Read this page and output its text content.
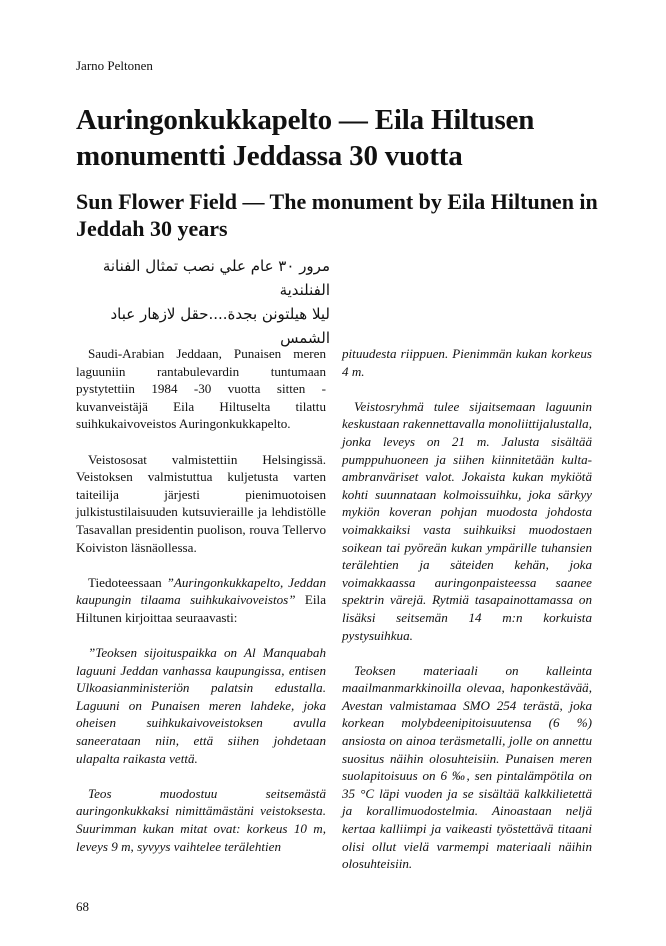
Jarno Peltonen
Auringonkukkapelto — Eila Hiltusen monumentti Jeddassa 30 vuotta
Sun Flower Field — The monument by Eila Hiltunen in Jeddah 30 years
مرور ٣٠ عام علي نصب تمثال الفنانة الفنلندية
ليلا هيلتونن بجدة....حقل لازهار عباد الشمس

Saudi-Arabian Jeddaan, Punaisen meren laguuniin rantabulevardin tuntumaan pystytettiin 1984 -30 vuotta sitten - kuvanveistäjä Eila Hiltuselta tilattu suihkukaivoveistos Auringonkukkapelto.

Veistososat valmistettiin Helsingissä. Veistoksen valmistuttua kuljetusta varten taiteilija järjesti pienimuotoisen julkistustilaisuuden kutsuvieraille ja lehdistölle Tasavallan presidentin puolison, rouva Tellervo Koiviston läsnäollessa.

Tiedoteessaan ”Auringonkukkapelto, Jeddan kaupungin tilaama suihkukaivoveistos” Eila Hiltunen kirjoittaa seuraavasti:

”Teoksen sijoituspaikka on Al Manquabah laguuni Jeddan vanhassa kaupungissa, entisen Ulkoasianministeriön palatsin edustalla. Laguuni on Punaisen meren lahdeke, joka oheisen suihkukaivoveistoksen avulla saneerataan niin, että siihen johdetaan ulapalta raikasta vettä.

Teos muodostuu seitsemästä auringonkukkaksi nimittämästäni veistoksesta. Suurimman kukan mitat ovat: korkeus 10 m, leveys 9 m, syvyys vaihtelee terälehtien

pituudesta riippuen. Pienimmän kukan korkeus 4 m.

Veistosryhmä tulee sijaitsemaan laguunin keskustaan rakennettavalla monoliittijalustalla, jonka leveys on 21 m. Jalusta sisältää pumppuhuoneen ja siihen kiinnitetään kulta-ambranväriset valot. Jokaista kukan mykiötä kohti suunnataan kolmoissuihku, joka särkyy mykiön koveran pohjan muodosta johdosta voimakkaiksi vasta suihkuiksi muodostaen soikean tai pyöreän kukan ympärille tuhansien terälehtien ja säteiden kehän, joka voimakkaassa auringonpaisteessa saanee spektrin värejä. Rytmiä tasapainottamassa on lisäksi seitsemän 14 m:n korkuista pystysuihkua.

Teoksen materiaali on kalleinta maailmanmarkkinoilla olevaa, haponkestävää, Avestan valmistamaa SMO 254 terästä, joka korkean molybdeenipitoisuutensa (6 %) ansiosta on ainoa teräsmetalli, jolle on annettu suositus näihin olosuhteisiin. Punaisen meren suolapitoisuus on 6 ‰, sen pintalämpötila on 35 °C läpi vuoden ja se sisältää kalkkilietettä ja korallimuodostelmia. Ainoastaan neljä kertaa kalliimpi ja vaikeasti työstettävä titaani olisi ollut vielä varmempi materiaali näihin olosuhteisiin.

68
